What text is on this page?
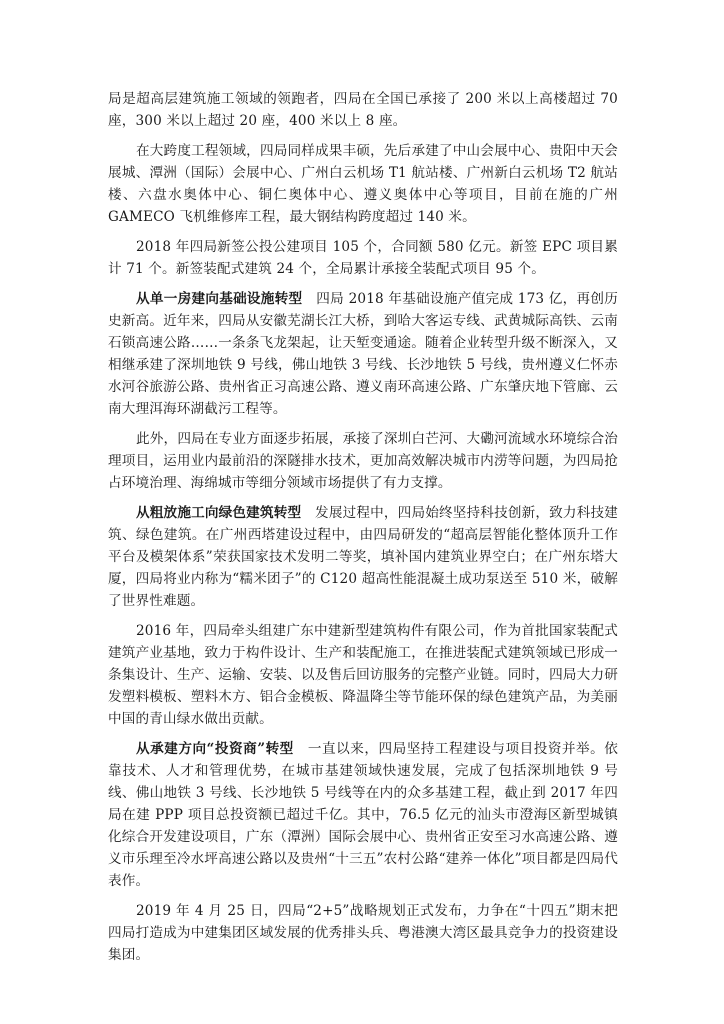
局是超高层建筑施工领域的领跑者，四局在全国已承接了 200 米以上高楼超过 70 座，300 米以上超过 20 座，400 米以上 8 座。

在大跨度工程领域，四局同样成果丰硕，先后承建了中山会展中心、贵阳中天会展城、潭洲（国际）会展中心、广州白云机场 T1 航站楼、广州新白云机场 T2 航站楼、六盘水奥体中心、铜仁奥体中心、遵义奥体中心等项目，目前在施的广州 GAMECO 飞机维修库工程，最大钢结构跨度超过 140 米。

2018 年四局新签公投公建项目 105 个，合同额 580 亿元。新签 EPC 项目累计 71 个。新签装配式建筑 24 个，全局累计承接全装配式项目 95 个。

从单一房建向基础设施转型　 四局 2018 年基础设施产值完成 173 亿，再创历史新高。近年来，四局从安徽芜湖长江大桥，到哈大客运专线、武黄城际高铁、云南石锁高速公路……一条条飞龙架起，让天堑变通途。随着企业转型升级不断深入，又相继承建了深圳地铁 9 号线，佛山地铁 3 号线、长沙地铁 5 号线，贵州遵义仁怀赤水河谷旅游公路、贵州省正习高速公路、遵义南环高速公路、广东肇庆地下管廊、云南大理洱海环湖截污工程等。

此外，四局在专业方面逐步拓展，承接了深圳白芒河、大磡河流域水环境综合治理项目，运用业内最前沿的深隧排水技术，更加高效解决城市内涝等问题，为四局抢占环境治理、海绵城市等细分领域市场提供了有力支撑。

从粗放施工向绿色建筑转型　 发展过程中，四局始终坚持科技创新，致力科技建筑、绿色建筑。在广州西塔建设过程中，由四局研发的“超高层智能化整体顶升工作平台及模架体系”荣获国家技术发明二等奖，填补国内建筑业界空白；在广州东塔大厦，四局将业内称为“糯米团子”的 C120 超高性能混凝土成功泵送至 510 米，破解了世界性难题。

2016 年，四局牵头组建广东中建新型建筑构件有限公司，作为首批国家装配式建筑产业基地，致力于构件设计、生产和装配施工，在推进装配式建筑领域已形成一条集设计、生产、运输、安装、以及售后回访服务的完整产业链。同时，四局大力研发塑料模板、塑料木方、铝合金模板、降温降尘等节能环保的绿色建筑产品，为美丽中国的青山绿水做出贡献。

从承建方向“投资商”转型　 一直以来，四局坚持工程建设与项目投资并举。依靠技术、人才和管理优势，在城市基建领域快速发展，完成了包括深圳地铁 9 号线、佛山地铁 3 号线、长沙地铁 5 号线等在内的众多基建工程，截止到 2017 年四局在建 PPP 项目总投资额已超过千亿。其中，76.5 亿元的汕头市澄海区新型城镇化综合开发建设项目，广东（潭洲）国际会展中心、贵州省正安至习水高速公路、遵义市乐理至冷水坪高速公路以及贵州“十三五”农村公路“建养一体化”项目都是四局代表作。

2019 年 4 月 25 日，四局“2+5”战略规划正式发布，力争在“十四五”期末把四局打造成为中建集团区域发展的优秀排头兵、粤港澳大湾区最具竞争力的投资建设集团。
